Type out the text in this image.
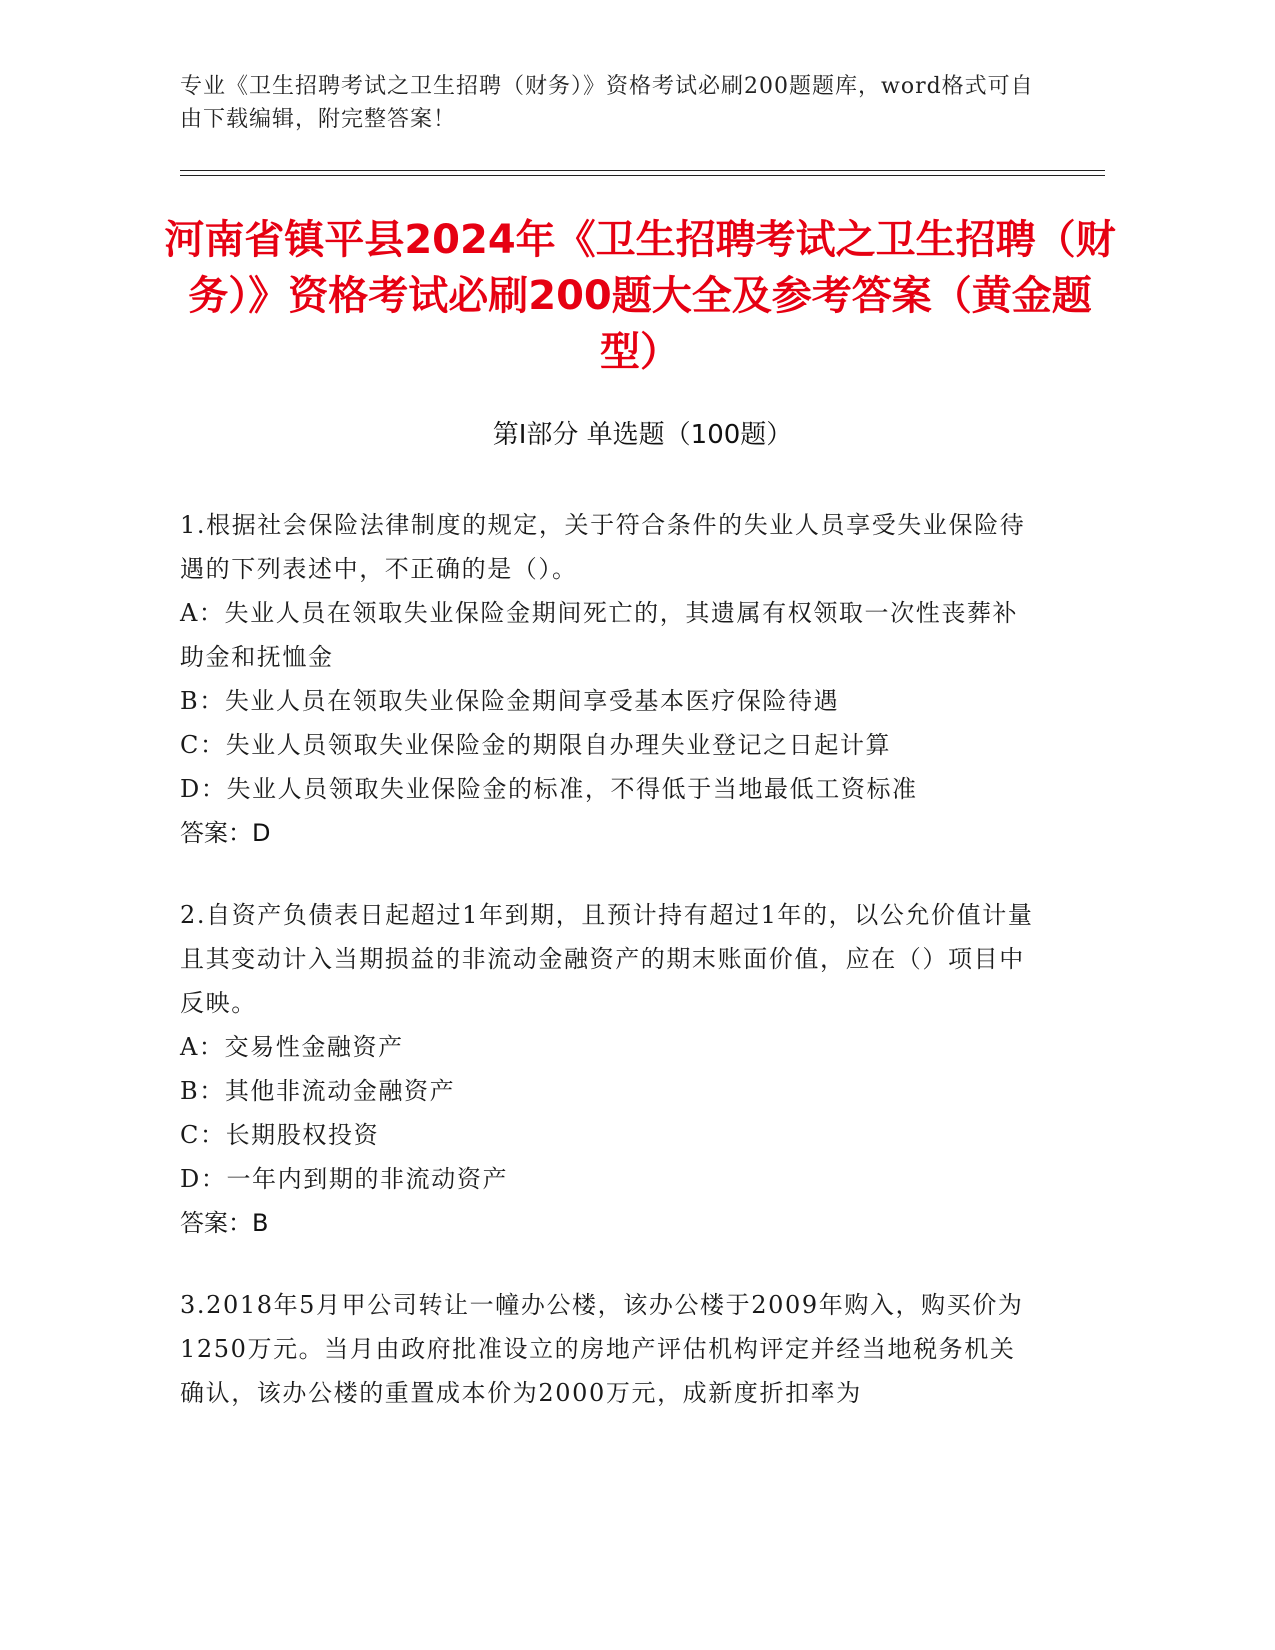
专业《卫生招聘考试之卫生招聘（财务）》资格考试必刷200题题库，word格式可自由下载编辑，附完整答案！
河南省镇平县2024年《卫生招聘考试之卫生招聘（财务）》资格考试必刷200题大全及参考答案（黄金题型）
第Ⅰ部分 单选题（100题）
1.根据社会保险法律制度的规定，关于符合条件的失业人员享受失业保险待遇的下列表述中，不正确的是（）。
A：失业人员在领取失业保险金期间死亡的，其遗属有权领取一次性丧葬补助金和抚恤金
B：失业人员在领取失业保险金期间享受基本医疗保险待遇
C：失业人员领取失业保险金的期限自办理失业登记之日起计算
D：失业人员领取失业保险金的标准，不得低于当地最低工资标准
答案：D
2.自资产负债表日起超过1年到期，且预计持有超过1年的，以公允价值计量且其变动计入当期损益的非流动金融资产的期末账面价值，应在（）项目中反映。
A：交易性金融资产
B：其他非流动金融资产
C：长期股权投资
D：一年内到期的非流动资产
答案：B
3.2018年5月甲公司转让一幢办公楼，该办公楼于2009年购入，购买价为1250万元。当月由政府批准设立的房地产评估机构评定并经当地税务机关确认，该办公楼的重置成本价为2000万元，成新度折扣率为
